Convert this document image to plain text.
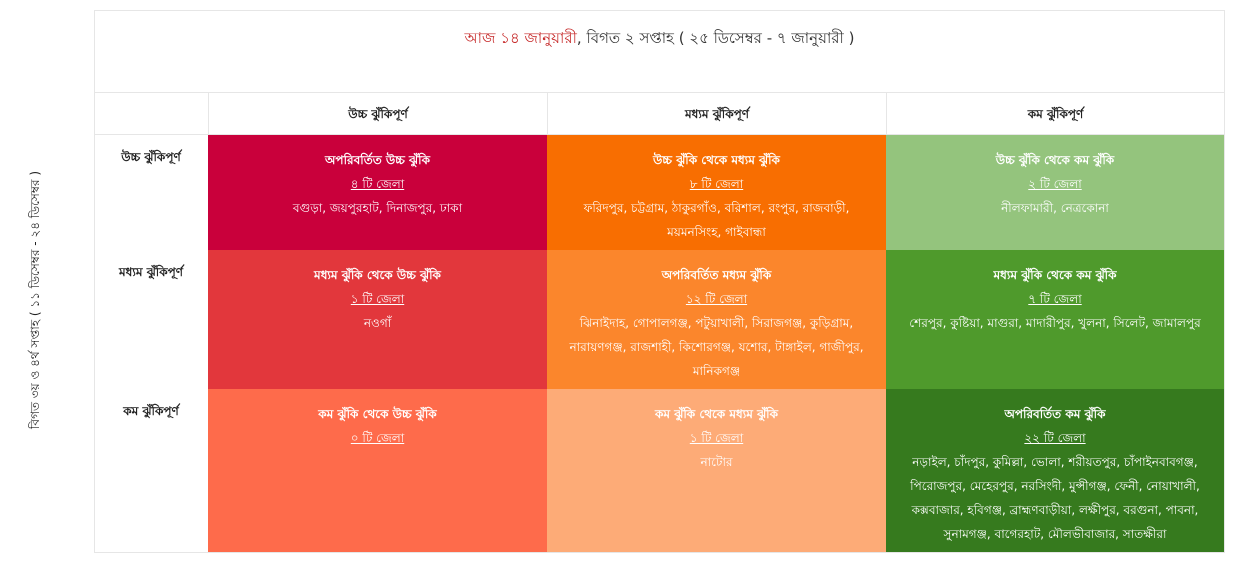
বিগত ৩য় ও ৪র্থ সপ্তাহ ( ১১ ডিসেম্বর - ২৪ ডিসেম্বর )
আজ ১৪ জানুয়ারী, বিগত ২ সপ্তাহ ( ২৫ ডিসেম্বর - ৭ জানুয়ারী )
উচ্চ ঝুঁকিপূর্ণ	মধ্যম ঝুঁকিপূর্ণ	কম ঝুঁকিপূর্ণ
উচ্চ ঝুঁকিপূর্ণ
মধ্যম ঝুঁকিপূর্ণ
কম ঝুঁকিপূর্ণ
অপরিবর্তিত উচ্চ ঝুঁকি
৪ টি জেলা
বগুড়া, জয়পুরহাট, দিনাজপুর, ঢাকা
উচ্চ ঝুঁকি থেকে মধ্যম ঝুঁকি
৮ টি জেলা
ফরিদপুর, চট্টগ্রাম, ঠাকুরগাঁও, বরিশাল, রংপুর, রাজবাড়ী, ময়মনসিংহ, গাইবান্ধা
উচ্চ ঝুঁকি থেকে কম ঝুঁকি
২ টি জেলা
নীলফামারী, নেত্রকোনা
মধ্যম ঝুঁকি থেকে উচ্চ ঝুঁকি
১ টি জেলা
নওগাঁ
অপরিবর্তিত মধ্যম ঝুঁকি
১২ টি জেলা
ঝিনাইদাহ, গোপালগঞ্জ, পটুয়াখালী, সিরাজগঞ্জ, কুড়িগ্রাম, নারায়ণগঞ্জ, রাজশাহী, কিশোরগঞ্জ, যশোর, টাঙ্গাইল, গাজীপুর, মানিকগঞ্জ
মধ্যম ঝুঁকি থেকে কম ঝুঁকি
৭ টি জেলা
শেরপুর, কুষ্টিয়া, মাগুরা, মাদারীপুর, খুলনা, সিলেট, জামালপুর
কম ঝুঁকি থেকে উচ্চ ঝুঁকি
০ টি জেলা
কম ঝুঁকি থেকে মধ্যম ঝুঁকি
১ টি জেলা
নাটোর
অপরিবর্তিত কম ঝুঁকি
২২ টি জেলা
নড়াইল, চাঁদপুর, কুমিল্লা, ভোলা, শরীয়তপুর, চাঁপাইনবাবগঞ্জ, পিরোজপুর, মেহেরপুর, নরসিংদী, মুন্সীগঞ্জ, ফেনী, নোয়াখালী, কক্সবাজার, হবিগঞ্জ, ব্রাহ্মণবাড়ীয়া, লক্ষীপুর, বরগুনা, পাবনা, সুনামগঞ্জ, বাগেরহাট, মৌলভীবাজার, সাতক্ষীরা
